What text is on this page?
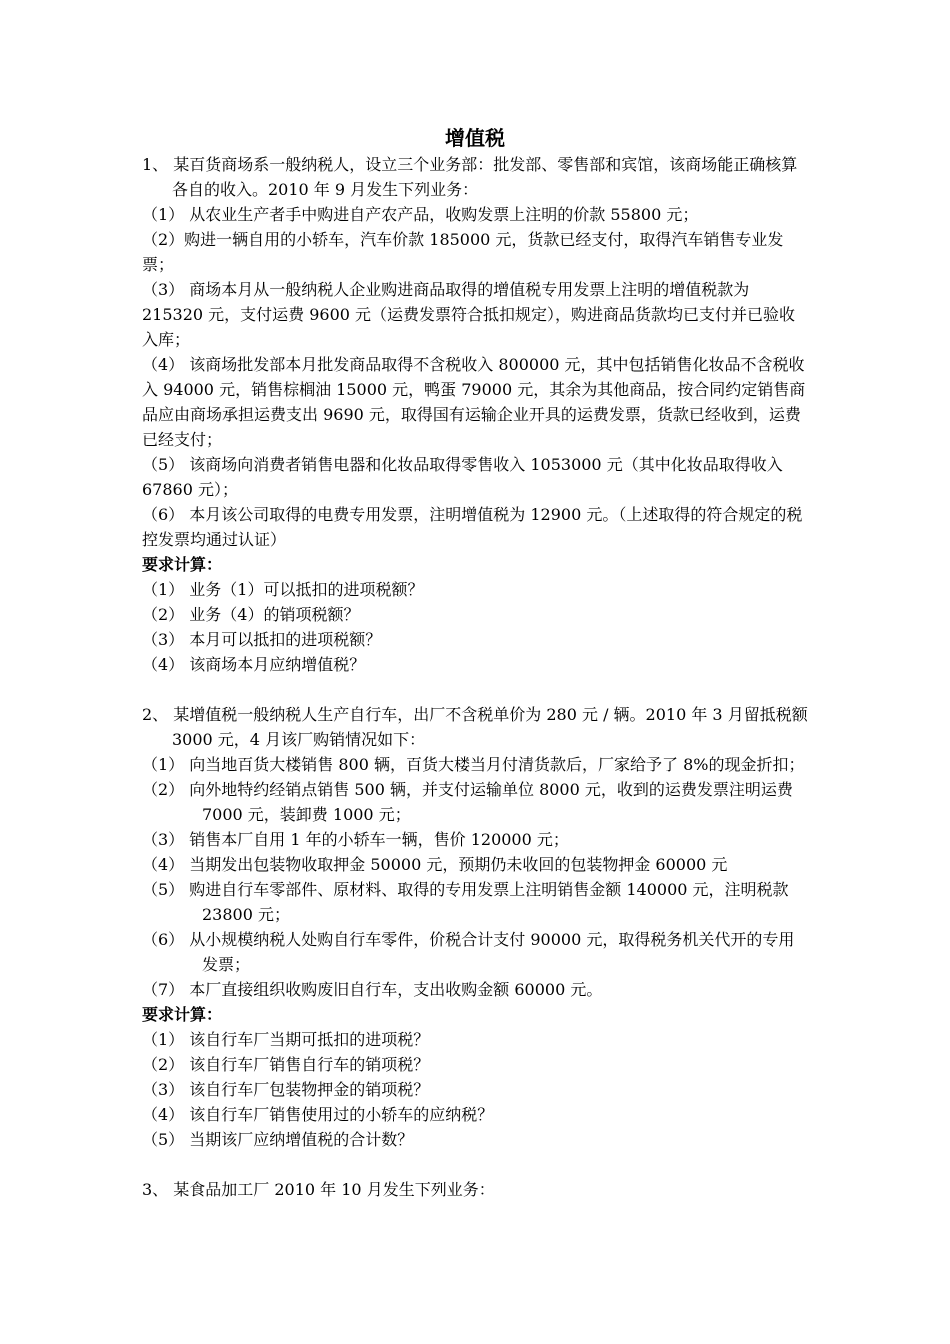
增值税

1、 某百货商场系一般纳税人，设立三个业务部：批发部、零售部和宾馆，该商场能正确核算各自的收入。2010 年 9 月发生下列业务：

（1） 从农业生产者手中购进自产农产品，收购发票上注明的价款 55800 元；

（2）购进一辆自用的小轿车，汽车价款 185000 元，货款已经支付，取得汽车销售专业发票；

（3） 商场本月从一般纳税人企业购进商品取得的增值税专用发票上注明的增值税款为 215320 元，支付运费 9600 元（运费发票符合抵扣规定），购进商品货款均已支付并已验收入库；

（4） 该商场批发部本月批发商品取得不含税收入 800000 元，其中包括销售化妆品不含税收入 94000 元，销售棕榈油 15000 元，鸭蛋 79000 元，其余为其他商品，按合同约定销售商品应由商场承担运费支出 9690 元，取得国有运输企业开具的运费发票，货款已经收到，运费已经支付；

（5） 该商场向消费者销售电器和化妆品取得零售收入 1053000 元（其中化妆品取得收入 67860 元）；

（6） 本月该公司取得的电费专用发票，注明增值税为 12900 元。（上述取得的符合规定的税控发票均通过认证）

要求计算：

（1） 业务（1）可以抵扣的进项税额？

（2） 业务（4）的销项税额？

（3） 本月可以抵扣的进项税额？

（4） 该商场本月应纳增值税？

2、 某增值税一般纳税人生产自行车，出厂不含税单价为 280 元 / 辆。2010 年 3 月留抵税额 3000 元，4 月该厂购销情况如下：

（1） 向当地百货大楼销售 800 辆，百货大楼当月付清货款后，厂家给予了 8%的现金折扣；

（2） 向外地特约经销点销售 500 辆，并支付运输单位 8000 元，收到的运费发票注明运费 7000 元，装卸费 1000 元；

（3） 销售本厂自用 1 年的小轿车一辆，售价 120000 元；

（4） 当期发出包装物收取押金 50000 元，预期仍未收回的包装物押金 60000 元

（5） 购进自行车零部件、原材料、取得的专用发票上注明销售金额 140000 元，注明税款 23800 元；

（6） 从小规模纳税人处购自行车零件，价税合计支付 90000 元，取得税务机关代开的专用发票；

（7） 本厂直接组织收购废旧自行车，支出收购金额 60000 元。

要求计算：

（1） 该自行车厂当期可抵扣的进项税？

（2） 该自行车厂销售自行车的销项税？

（3） 该自行车厂包装物押金的销项税？

（4） 该自行车厂销售使用过的小轿车的应纳税？

（5） 当期该厂应纳增值税的合计数？

3、 某食品加工厂 2010 年 10 月发生下列业务：
